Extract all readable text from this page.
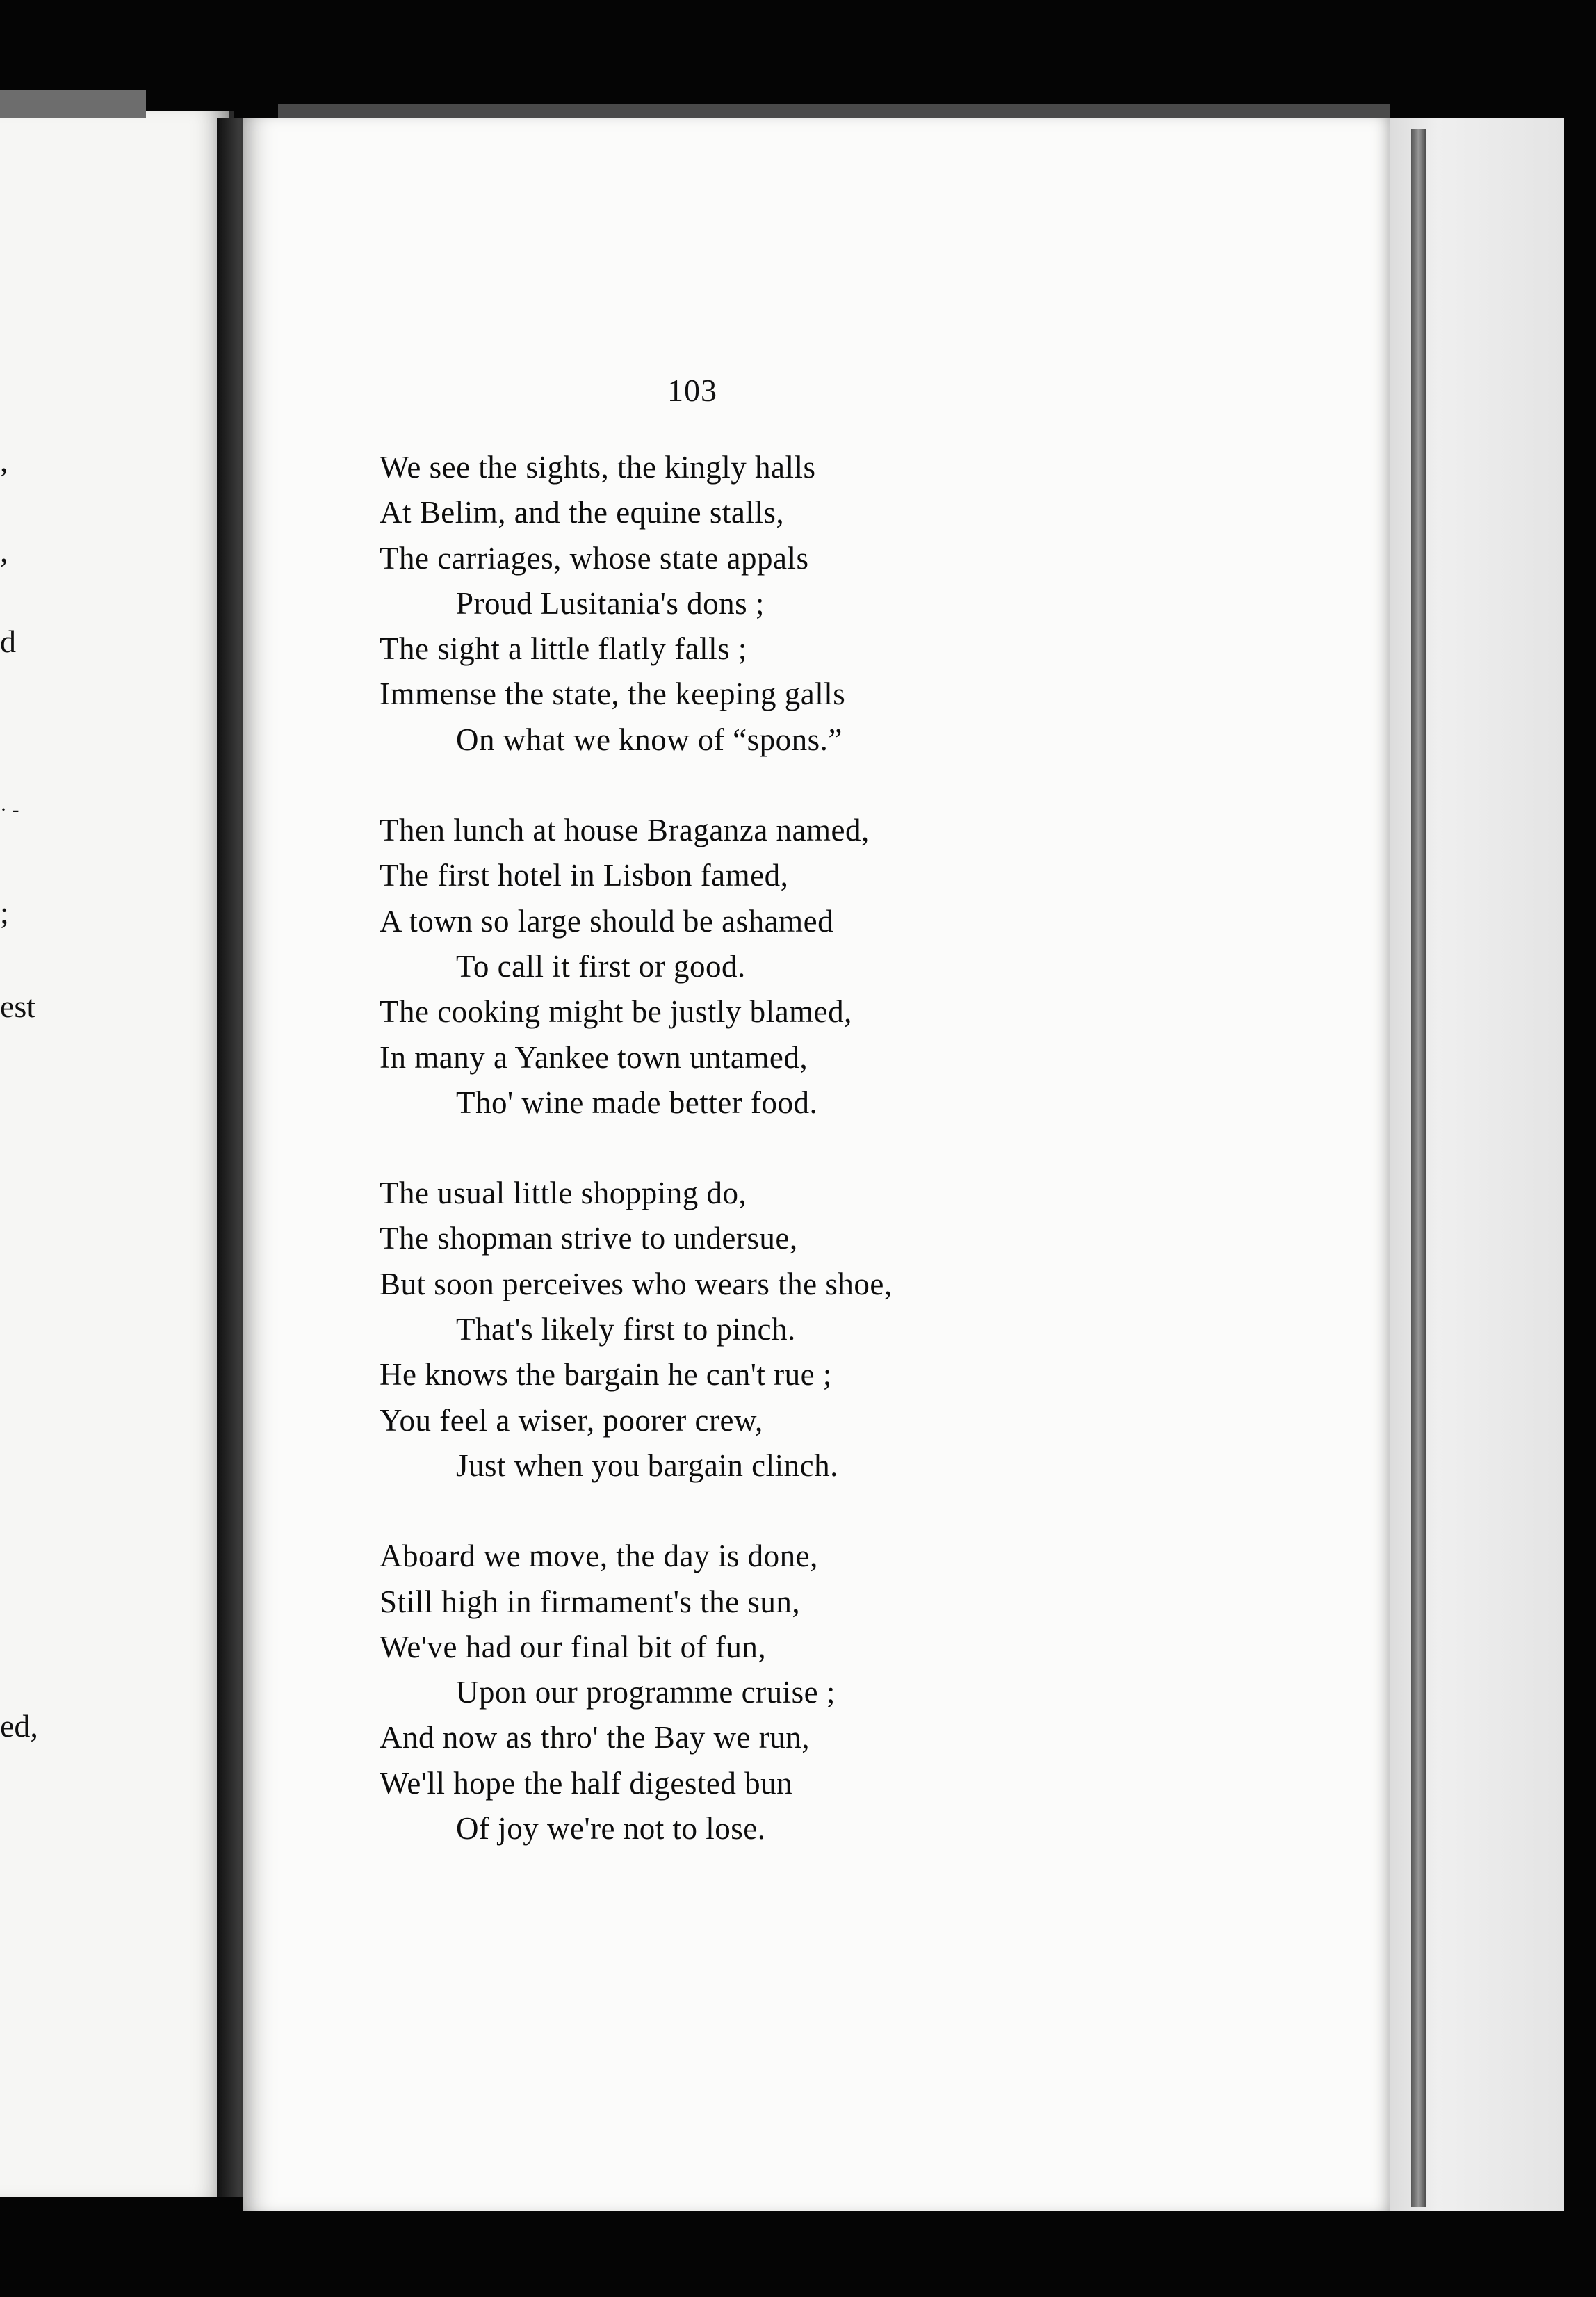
,
,
d
· -
;
est
ed,
103
We see the sights, the kingly halls
At Belim, and the equine stalls,
The carriages, whose state appals
Proud Lusitania's dons ;
The sight a little flatly falls ;
Immense the state, the keeping galls
On what we know of “spons.”
Then lunch at house Braganza named,
The first hotel in Lisbon famed,
A town so large should be ashamed
To call it first or good.
The cooking might be justly blamed,
In many a Yankee town untamed,
Tho' wine made better food.
The usual little shopping do,
The shopman strive to undersue,
But soon perceives who wears the shoe,
That's likely first to pinch.
He knows the bargain he can't rue ;
You feel a wiser, poorer crew,
Just when you bargain clinch.
Aboard we move, the day is done,
Still high in firmament's the sun,
We've had our final bit of fun,
Upon our programme cruise ;
And now as thro' the Bay we run,
We'll hope the half digested bun
Of joy we're not to lose.
